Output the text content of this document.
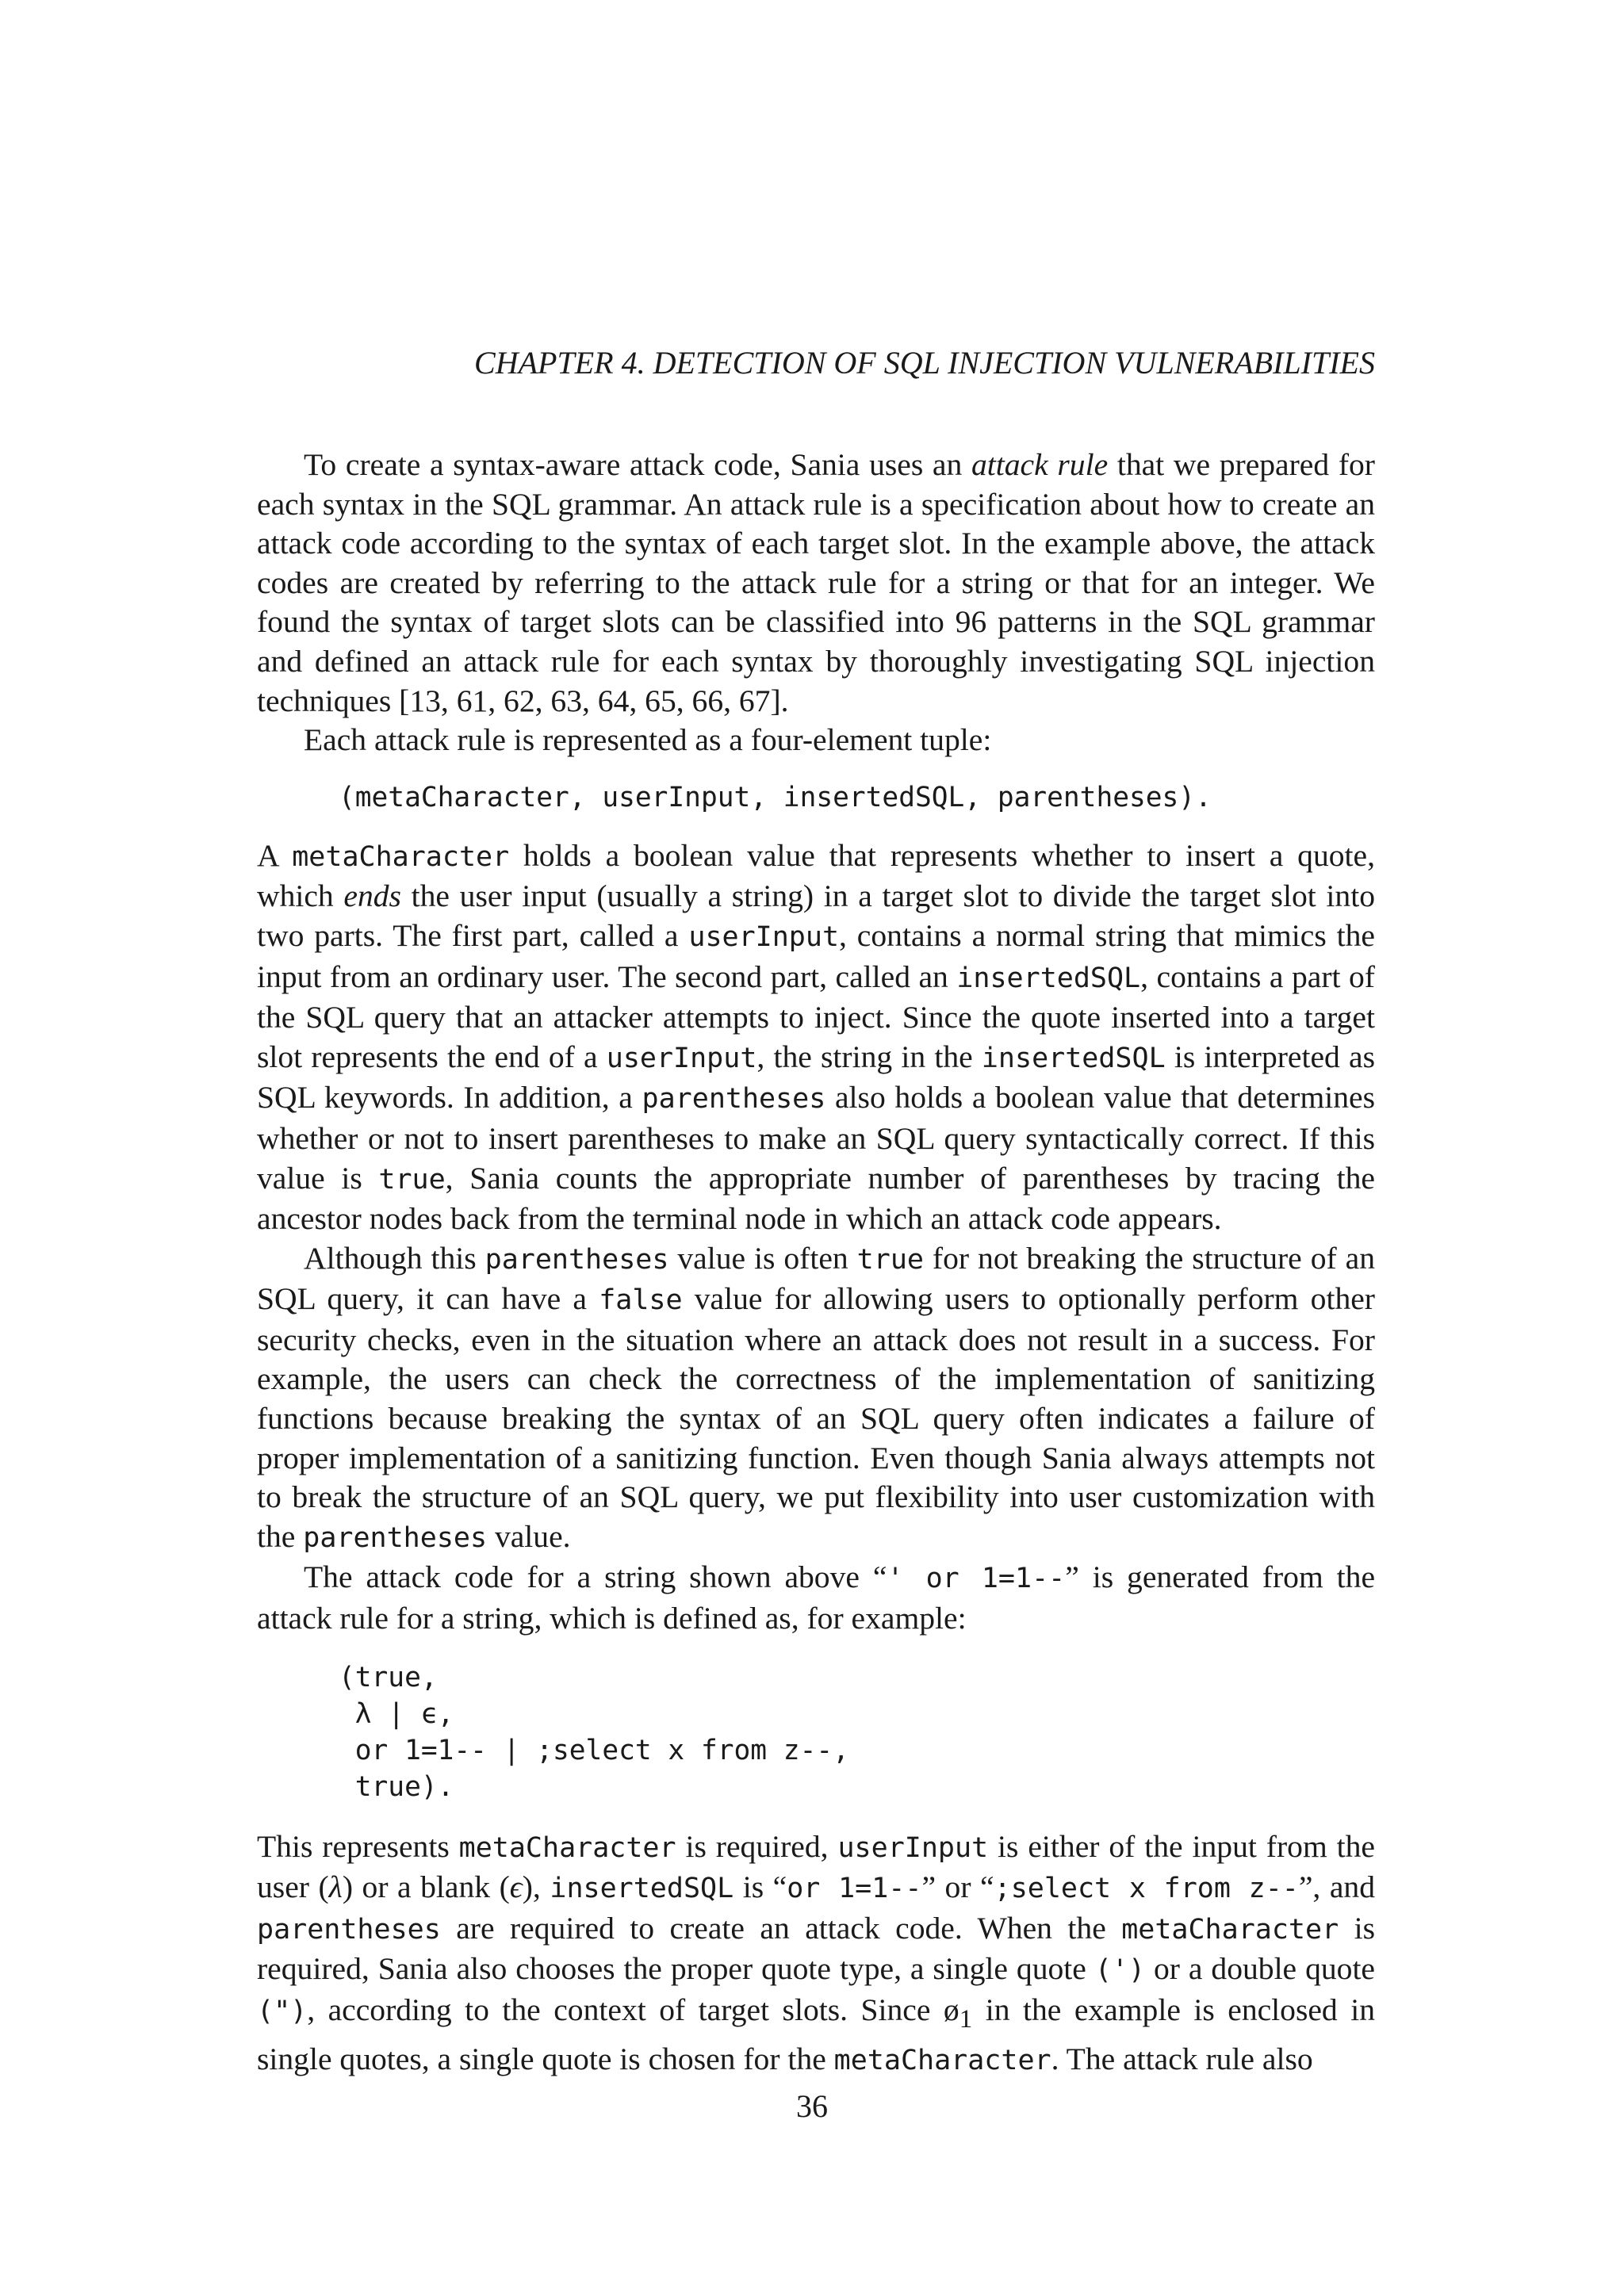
CHAPTER 4. DETECTION OF SQL INJECTION VULNERABILITIES

To create a syntax-aware attack code, Sania uses an attack rule that we prepared for each syntax in the SQL grammar. An attack rule is a specification about how to create an attack code according to the syntax of each target slot. In the example above, the attack codes are created by referring to the attack rule for a string or that for an integer. We found the syntax of target slots can be classified into 96 patterns in the SQL grammar and defined an attack rule for each syntax by thoroughly investigating SQL injection techniques [13, 61, 62, 63, 64, 65, 66, 67].

Each attack rule is represented as a four-element tuple:

(metaCharacter, userInput, insertedSQL, parentheses).

A metaCharacter holds a boolean value that represents whether to insert a quote, which ends the user input (usually a string) in a target slot to divide the target slot into two parts. The first part, called a userInput, contains a normal string that mimics the input from an ordinary user. The second part, called an insertedSQL, contains a part of the SQL query that an attacker attempts to inject. Since the quote inserted into a target slot represents the end of a userInput, the string in the insertedSQL is interpreted as SQL keywords. In addition, a parentheses also holds a boolean value that determines whether or not to insert parentheses to make an SQL query syntactically correct. If this value is true, Sania counts the appropriate number of parentheses by tracing the ancestor nodes back from the terminal node in which an attack code appears.

Although this parentheses value is often true for not breaking the structure of an SQL query, it can have a false value for allowing users to optionally perform other security checks, even in the situation where an attack does not result in a success. For example, the users can check the correctness of the implementation of sanitizing functions because breaking the syntax of an SQL query often indicates a failure of proper implementation of a sanitizing function. Even though Sania always attempts not to break the structure of an SQL query, we put flexibility into user customization with the parentheses value.

The attack code for a string shown above “' or 1=1--” is generated from the attack rule for a string, which is defined as, for example:

(true,
λ | ϵ,
or 1=1-- | ;select x from z--,
true).

This represents metaCharacter is required, userInput is either of the input from the user (λ) or a blank (ϵ), insertedSQL is “or 1=1--” or “;select x from z--”, and parentheses are required to create an attack code. When the metaCharacter is required, Sania also chooses the proper quote type, a single quote (') or a double quote ("), according to the context of target slots. Since $ø_1$ in the example is enclosed in single quotes, a single quote is chosen for the metaCharacter. The attack rule also

36
